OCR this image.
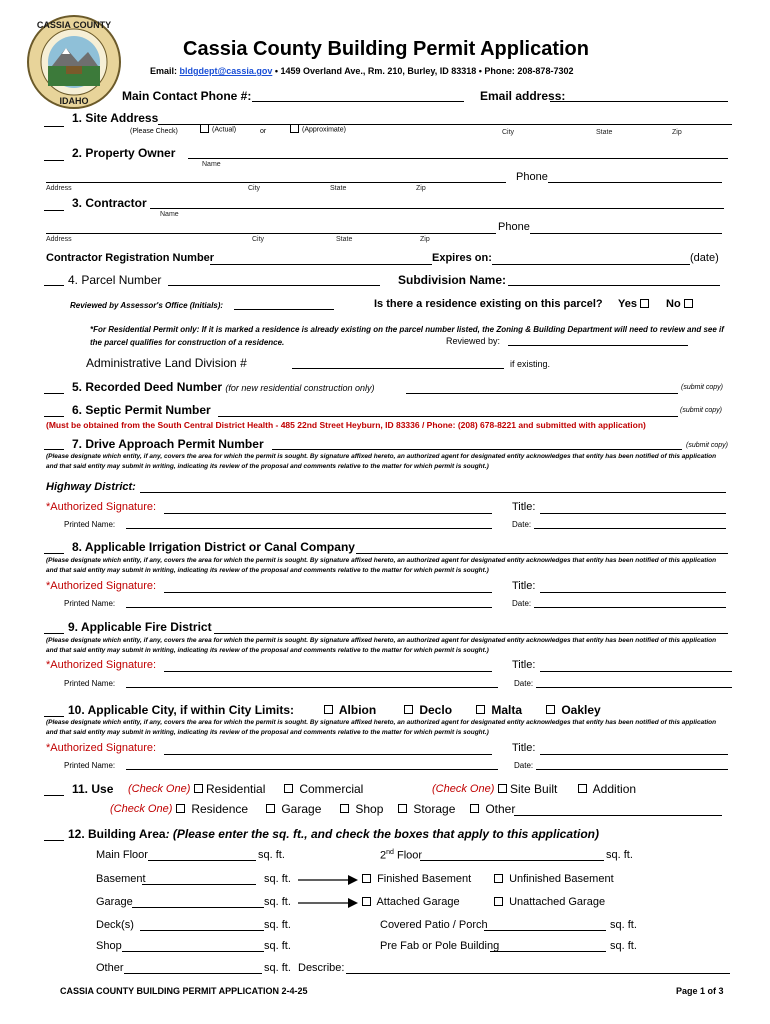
CASSIA COUNTY
IDAHO
Cassia County Building Permit Application
Email: bldgdept@cassia.gov • 1459 Overland Ave., Rm. 210, Burley, ID 83318 • Phone: 208-878-7302
Main Contact Phone #:	Email address:
1. Site Address
(Please Check)	(Actual)	or	(Approximate)	City	State	Zip
2. Property Owner
Name
Phone
Address	City	State	Zip
3. Contractor
Name
Phone
Address	City	State	Zip
Contractor Registration Number	Expires on:	(date)
4. Parcel Number	Subdivision Name:
Reviewed by Assessor's Office (Initials):	Is there a residence existing on this parcel? Yes	No
*For Residential Permit only: If it is marked a residence is already existing on the parcel number listed, the Zoning & Building Department will need to review and see if the parcel qualifies for construction of a residence.	Reviewed by:
Administrative Land Division #	if existing.
5. Recorded Deed Number (for new residential construction only)	(submit copy)
6. Septic Permit Number	(submit copy)
(Must be obtained from the South Central District Health - 485 22nd Street Heyburn, ID 83336 / Phone: (208) 678-8221 and submitted with application)
7. Drive Approach Permit Number	(submit copy)
(Please designate which entity, if any, covers the area for which the permit is sought. By signature affixed hereto, an authorized agent for designated entity acknowledges that entity has been notified of this application and that said entity may submit in writing, indicating its review of the proposal and comments relative to the matter for which permit is sought.)
Highway District:
*Authorized Signature:	Title:
Printed Name:	Date:
8. Applicable Irrigation District or Canal Company
(Please designate which entity, if any, covers the area for which the permit is sought. By signature affixed hereto, an authorized agent for designated entity acknowledges that entity has been notified of this application and that said entity may submit in writing, indicating its review of the proposal and comments relative to the matter for which permit is sought.)
*Authorized Signature:	Title:
Printed Name:	Date:
9. Applicable Fire District
(Please designate which entity, if any, covers the area for which the permit is sought. By signature affixed hereto, an authorized agent for designated entity acknowledges that entity has been notified of this application and that said entity may submit in writing, indicating its review of the proposal and comments relative to the matter for which permit is sought.)
*Authorized Signature:	Title:
Printed Name:	Date:
10. Applicable City, if within City Limits:	Albion	Declo	Malta	Oakley
(Please designate which entity, if any, covers the area for which the permit is sought. By signature affixed hereto, an authorized agent for designated entity acknowledges that entity has been notified of this application and that said entity may submit in writing, indicating its review of the proposal and comments relative to the matter for which permit is sought.)
*Authorized Signature:	Title:
Printed Name:	Date:
11. Use (Check One)	Residential	Commercial	(Check One)	Site Built	Addition
(Check One)	Residence	Garage	Shop	Storage	Other
12. Building Area: (Please enter the sq. ft., and check the boxes that apply to this application)
Main Floor	sq. ft.	2nd Floor	sq. ft.
Basement	sq. ft.	Finished Basement	Unfinished Basement
Garage	sq. ft.	Attached Garage	Unattached Garage
Deck(s)	sq. ft.	Covered Patio / Porch	sq. ft.
Shop	sq. ft.	Pre Fab or Pole Building	sq. ft.
Other	sq. ft. Describe:
CASSIA COUNTY BUILDING PERMIT APPLICATION 2-4-25	Page 1 of 3
